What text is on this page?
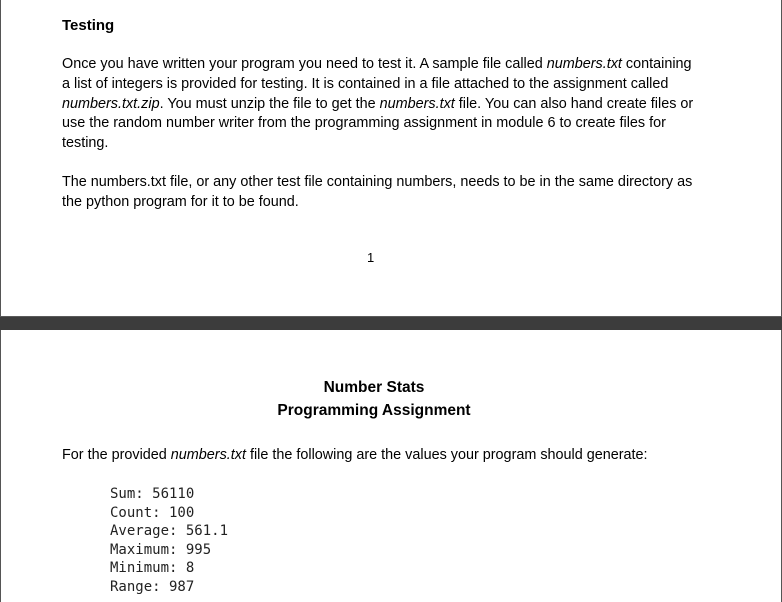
Testing

Once you have written your program you need to test it. A sample file called numbers.txt containing a list of integers is provided for testing. It is contained in a file attached to the assignment called numbers.txt.zip. You must unzip the file to get the numbers.txt file. You can also hand create files or use the random number writer from the programming assignment in module 6 to create files for testing.

The numbers.txt file, or any other test file containing numbers, needs to be in the same directory as the python program for it to be found.

1
Number Stats
Programming Assignment

For the provided numbers.txt file the following are the values your program should generate:

Sum: 56110
Count: 100
Average: 561.1
Maximum: 995
Minimum: 8
Range: 987
